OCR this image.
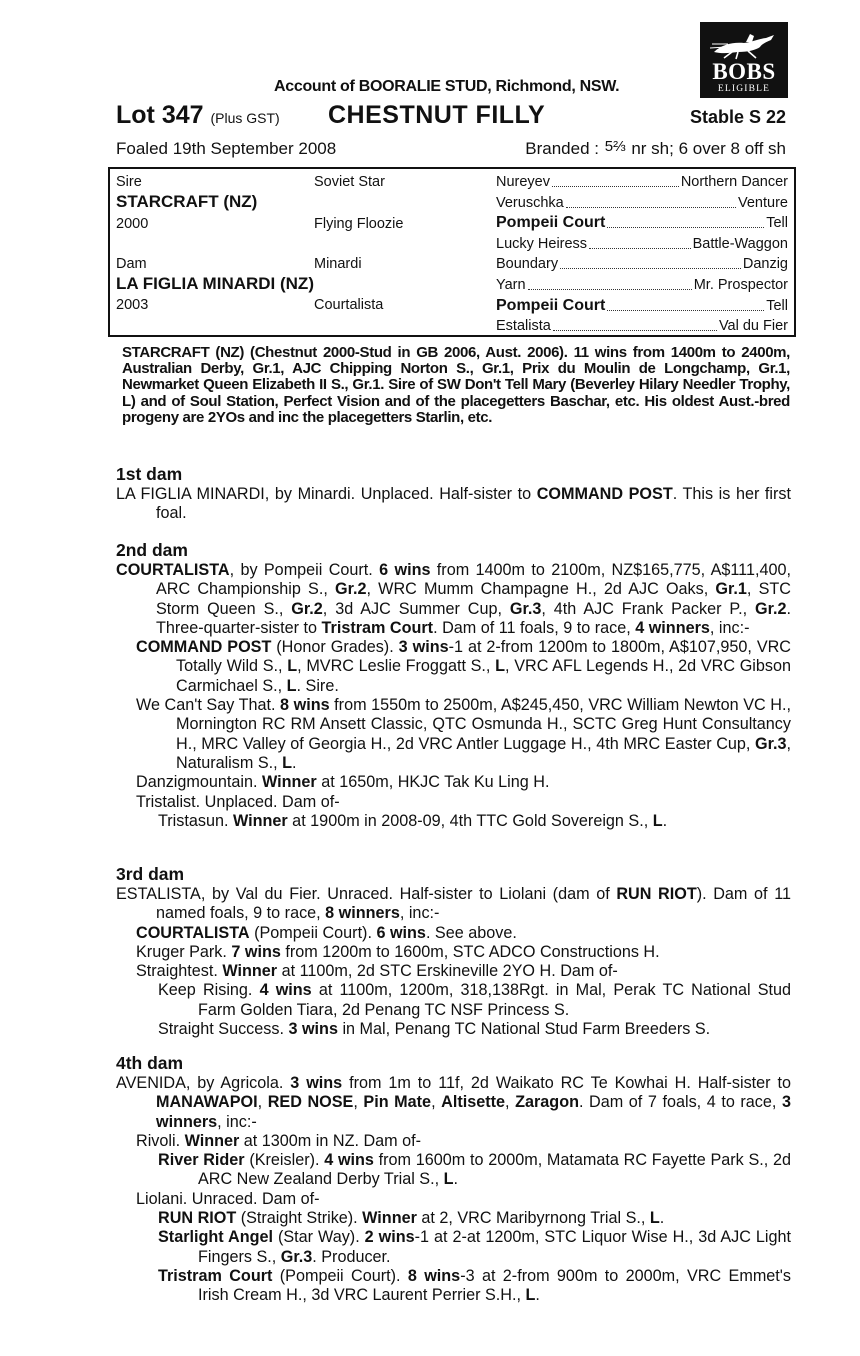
BOBS
ELIGIBLE
Account of BOORALIE STUD, Richmond, NSW.
Lot 347 (Plus GST) CHESTNUT FILLY	Stable S 22
Foaled 19th September 2008	Branded : 5⅔ nr sh; 6 over 8 off sh
Sire
STARCRAFT (NZ)
2000
Soviet Star
Flying Floozie
Dam
LA FIGLIA MINARDI (NZ)
2003
Minardi
Courtalista
Nureyev	Northern Dancer
Veruschka	Venture
Pompeii Court	Tell
Lucky Heiress	Battle-Waggon
Boundary	Danzig
Yarn	Mr. Prospector
Pompeii Court	Tell
Estalista	Val du Fier
STARCRAFT (NZ) (Chestnut 2000-Stud in GB 2006, Aust. 2006). 11 wins from 1400m to 2400m, Australian Derby, Gr.1, AJC Chipping Norton S., Gr.1, Prix du Moulin de Longchamp, Gr.1, Newmarket Queen Elizabeth II S., Gr.1. Sire of SW Don't Tell Mary (Beverley Hilary Needler Trophy, L) and of Soul Station, Perfect Vision and of the placegetters Baschar, etc. His oldest Aust.-bred progeny are 2YOs and inc the placegetters Starlin, etc.
1st dam
LA FIGLIA MINARDI, by Minardi. Unplaced. Half-sister to COMMAND POST. This is her first foal.
2nd dam
COURTALISTA, by Pompeii Court. 6 wins from 1400m to 2100m, NZ$165,775, A$111,400, ARC Championship S., Gr.2, WRC Mumm Champagne H., 2d AJC Oaks, Gr.1, STC Storm Queen S., Gr.2, 3d AJC Summer Cup, Gr.3, 4th AJC Frank Packer P., Gr.2. Three-quarter-sister to Tristram Court. Dam of 11 foals, 9 to race, 4 winners, inc:-
COMMAND POST (Honor Grades). 3 wins-1 at 2-from 1200m to 1800m, A$107,950, VRC Totally Wild S., L, MVRC Leslie Froggatt S., L, VRC AFL Legends H., 2d VRC Gibson Carmichael S., L. Sire.
We Can't Say That. 8 wins from 1550m to 2500m, A$245,450, VRC William Newton VC H., Mornington RC RM Ansett Classic, QTC Osmunda H., SCTC Greg Hunt Consultancy H., MRC Valley of Georgia H., 2d VRC Antler Luggage H., 4th MRC Easter Cup, Gr.3, Naturalism S., L.
Danzigmountain. Winner at 1650m, HKJC Tak Ku Ling H.
Tristalist. Unplaced. Dam of-
Tristasun. Winner at 1900m in 2008-09, 4th TTC Gold Sovereign S., L.
3rd dam
ESTALISTA, by Val du Fier. Unraced. Half-sister to Liolani (dam of RUN RIOT). Dam of 11 named foals, 9 to race, 8 winners, inc:-
COURTALISTA (Pompeii Court). 6 wins. See above.
Kruger Park. 7 wins from 1200m to 1600m, STC ADCO Constructions H.
Straightest. Winner at 1100m, 2d STC Erskineville 2YO H. Dam of-
Keep Rising. 4 wins at 1100m, 1200m, 318,138Rgt. in Mal, Perak TC National Stud Farm Golden Tiara, 2d Penang TC NSF Princess S.
Straight Success. 3 wins in Mal, Penang TC National Stud Farm Breeders S.
4th dam
AVENIDA, by Agricola. 3 wins from 1m to 11f, 2d Waikato RC Te Kowhai H. Half-sister to MANAWAPOI, RED NOSE, Pin Mate, Altisette, Zaragon. Dam of 7 foals, 4 to race, 3 winners, inc:-
Rivoli. Winner at 1300m in NZ. Dam of-
River Rider (Kreisler). 4 wins from 1600m to 2000m, Matamata RC Fayette Park S., 2d ARC New Zealand Derby Trial S., L.
Liolani. Unraced. Dam of-
RUN RIOT (Straight Strike). Winner at 2, VRC Maribyrnong Trial S., L.
Starlight Angel (Star Way). 2 wins-1 at 2-at 1200m, STC Liquor Wise H., 3d AJC Light Fingers S., Gr.3. Producer.
Tristram Court (Pompeii Court). 8 wins-3 at 2-from 900m to 2000m, VRC Emmet's Irish Cream H., 3d VRC Laurent Perrier S.H., L.
